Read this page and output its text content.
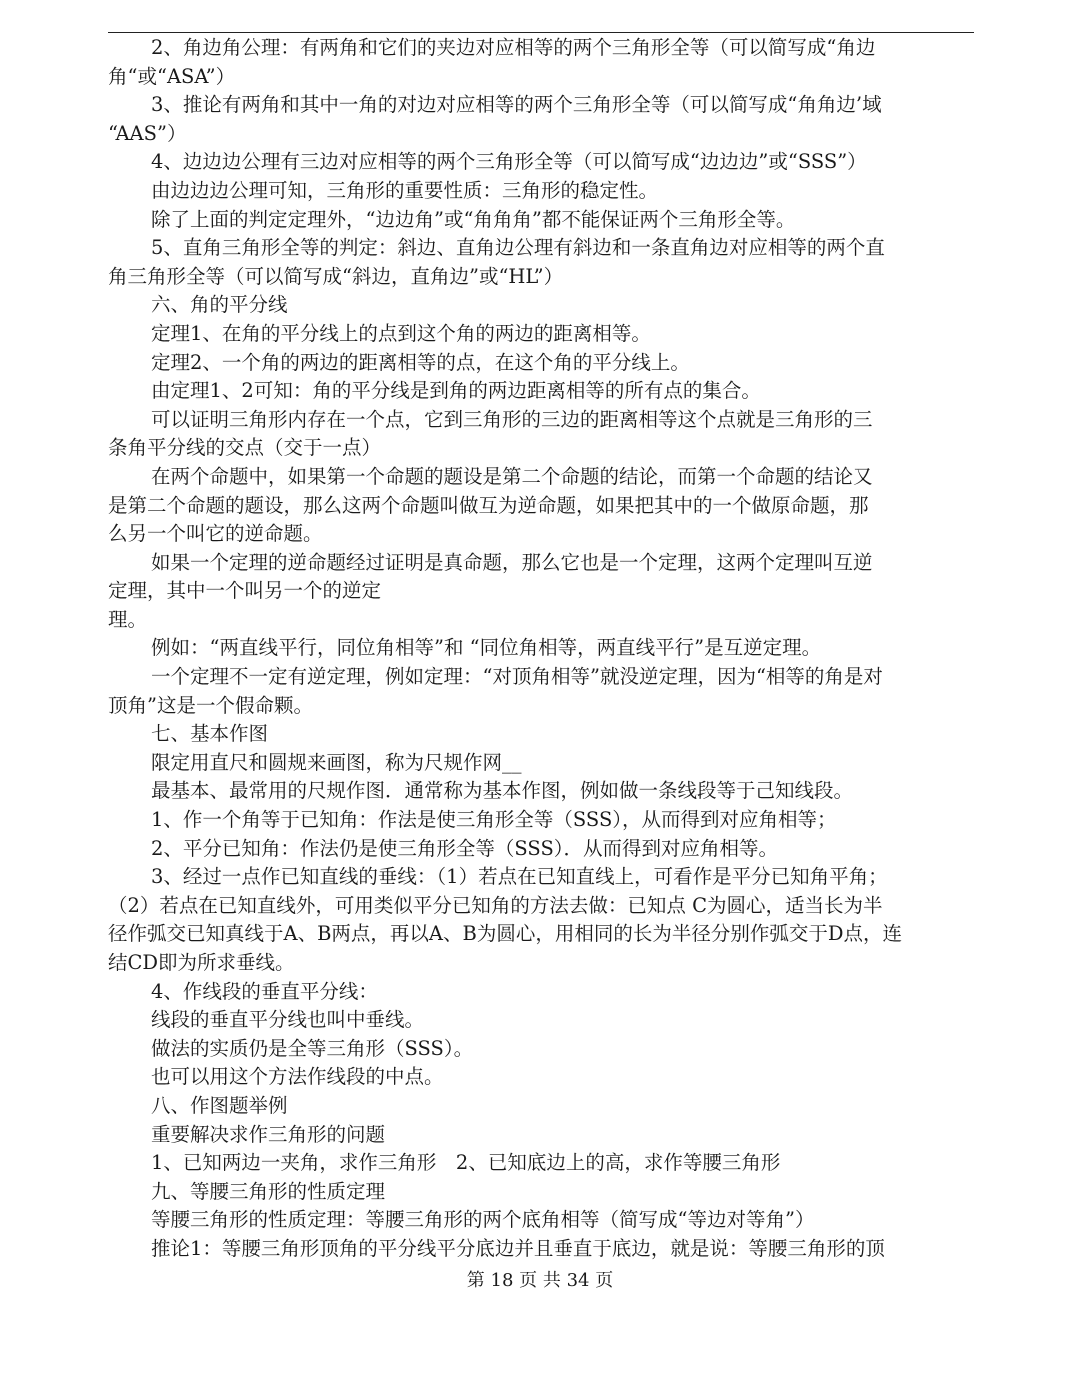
2、角边角公理：有两角和它们的夹边对应相等的两个三角形全等（可以简写成“角边
角“或“ASA”）
3、推论有两角和其中一角的对边对应相等的两个三角形全等（可以简写成“角角边’域
“AAS”）
4、边边边公理有三边对应相等的两个三角形全等（可以简写成“边边边”或“SSS”）
由边边边公理可知，三角形的重要性质：三角形的稳定性。
除了上面的判定定理外，“边边角”或“角角角”都不能保证两个三角形全等。
5、直角三角形全等的判定：斜边、直角边公理有斜边和一条直角边对应相等的两个直
角三角形全等（可以简写成“斜边，直角边”或“HL”）
六、角的平分线
定理1、在角的平分线上的点到这个角的两边的距离相等。
定理2、一个角的两边的距离相等的点，在这个角的平分线上。
由定理1、2可知：角的平分线是到角的两边距离相等的所有点的集合。
可以证明三角形内存在一个点，它到三角形的三边的距离相等这个点就是三角形的三
条角平分线的交点（交于一点）
在两个命题中，如果第一个命题的题设是第二个命题的结论，而第一个命题的结论又
是第二个命题的题设，那么这两个命题叫做互为逆命题，如果把其中的一个做原命题，那
么另一个叫它的逆命题。
如果一个定理的逆命题经过证明是真命题，那么它也是一个定理，这两个定理叫互逆
定理，其中一个叫另一个的逆定
理。
例如：“两直线平行，同位角相等”和 “同位角相等，两直线平行”是互逆定理。
一个定理不一定有逆定理，例如定理：“对顶角相等”就没逆定理，因为“相等的角是对
顶角”这是一个假命颗。
七、基本作图
限定用直尺和圆规来画图，称为尺规作网__
最基本、最常用的尺规作图．通常称为基本作图，例如做一条线段等于己知线段。
1、作一个角等于已知角：作法是使三角形全等（SSS），从而得到对应角相等；
2、平分已知角：作法仍是使三角形全等（SSS）．从而得到对应角相等。
3、经过一点作已知直线的垂线：（1）若点在已知直线上，可看作是平分已知角平角；
（2）若点在已知直线外，可用类似平分已知角的方法去做：已知点 C为圆心，适当长为半
径作弧交已知真线于A、B两点，再以A、B为圆心，用相同的长为半径分别作弧交于D点，连
结CD即为所求垂线。
4、作线段的垂直平分线：
线段的垂直平分线也叫中垂线。
做法的实质仍是全等三角形（SSS）。
也可以用这个方法作线段的中点。
八、作图题举例
重要解决求作三角形的问题
1、已知两边一夹角，求作三角形　2、已知底边上的高，求作等腰三角形
九、等腰三角形的性质定理
等腰三角形的性质定理：等腰三角形的两个底角相等（简写成“等边对等角”）
推论1：等腰三角形顶角的平分线平分底边并且垂直于底边，就是说：等腰三角形的顶
第 18 页 共 34 页
